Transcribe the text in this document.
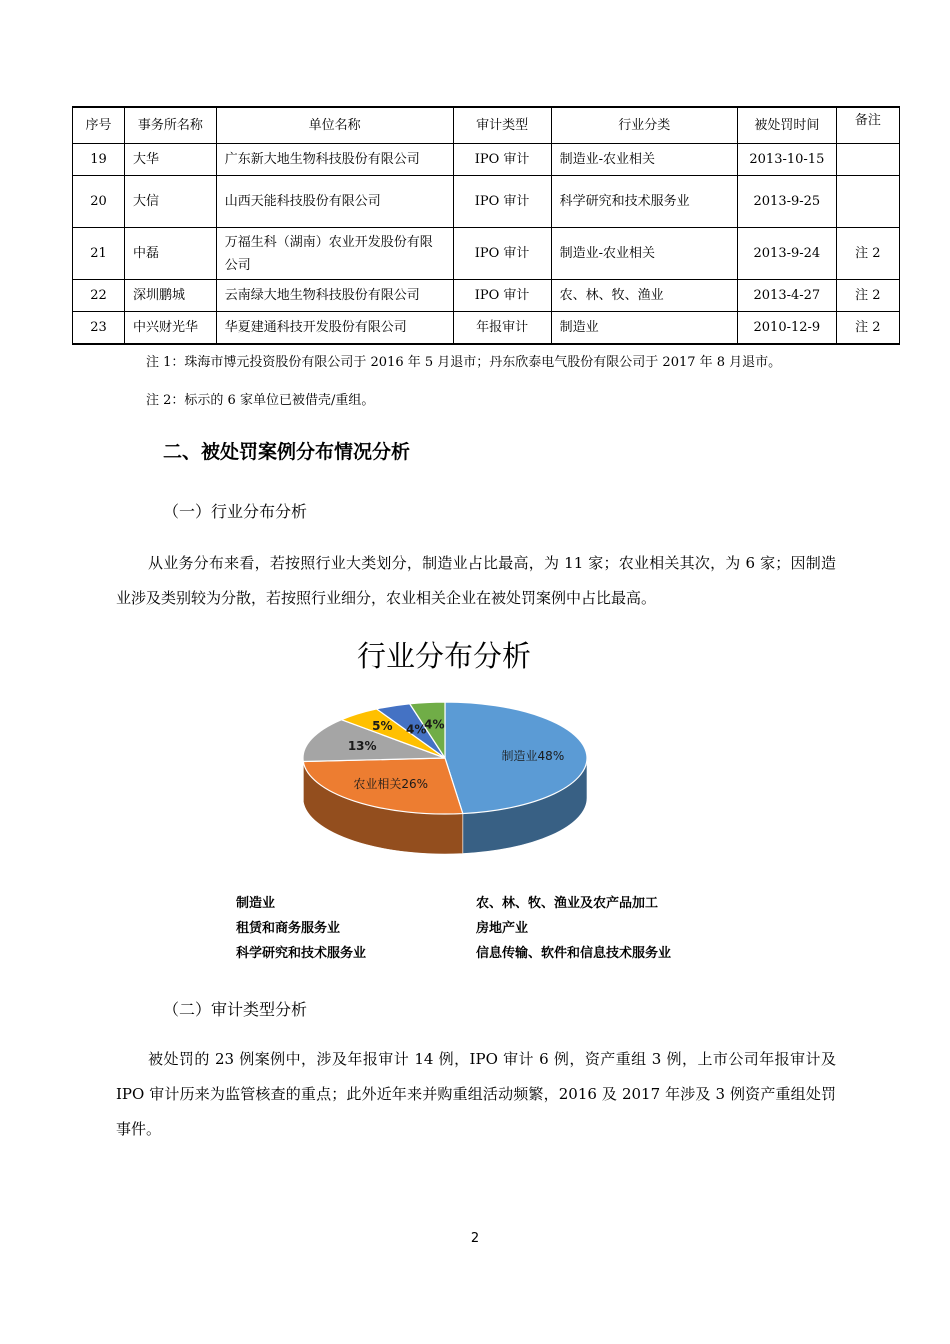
序号	事务所名称	单位名称	审计类型	行业分类	被处罚时间	备注
19	大华	广东新大地生物科技股份有限公司	IPO 审计	制造业-农业相关	2013-10-15	
20	大信	山西天能科技股份有限公司	IPO 审计	科学研究和技术服务业	2013-9-25	
21	中磊	万福生科（湖南）农业开发股份有限公司	IPO 审计	制造业-农业相关	2013-9-24	注 2
22	深圳鹏城	云南绿大地生物科技股份有限公司	IPO 审计	农、林、牧、渔业	2013-4-27	注 2
23	中兴财光华	华夏建通科技开发股份有限公司	年报审计	制造业	2010-12-9	注 2
注 1：珠海市博元投资股份有限公司于 2016 年 5 月退市；丹东欣泰电气股份有限公司于 2017 年 8 月退市。
注 2：标示的 6 家单位已被借壳/重组。
二、被处罚案例分布情况分析
（一）行业分布分析
从业务分布来看，若按照行业大类划分，制造业占比最高，为 11 家；农业相关其次，为 6 家；因制造业涉及类别较为分散，若按照行业细分，农业相关企业在被处罚案例中占比最高。
行业分布分析
制造业48%
农业相关26%
13%
5% 4%
4%
制造业	农、林、牧、渔业及农产品加工
租赁和商务服务业	房地产业
科学研究和技术服务业	信息传输、软件和信息技术服务业
（二）审计类型分析
被处罚的 23 例案例中，涉及年报审计 14 例，IPO 审计 6 例，资产重组 3 例，上市公司年报审计及 IPO 审计历来为监管核查的重点；此外近年来并购重组活动频繁，2016 及 2017 年涉及 3 例资产重组处罚事件。
2
